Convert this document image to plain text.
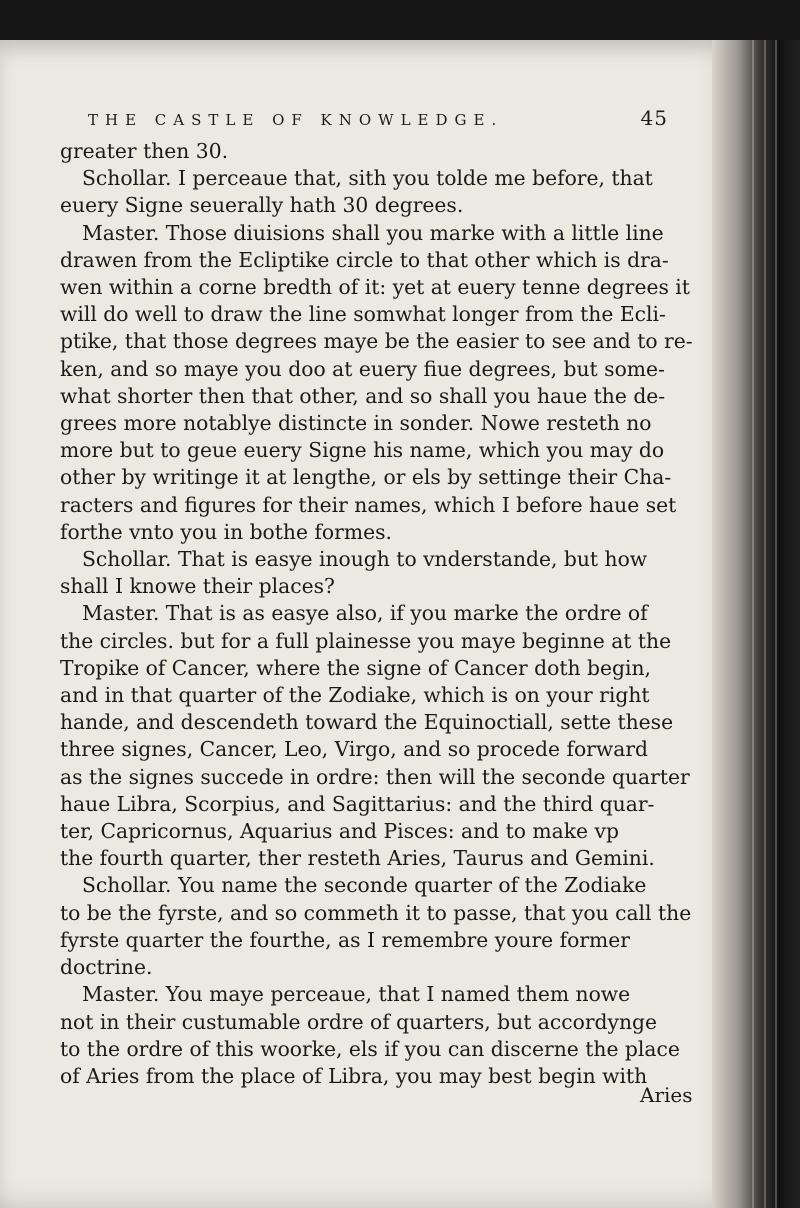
THE CASTLE OF KNOWLEDGE.	45
greater then 30.
Schollar. I perceaue that, sith you tolde me before, that
euery Signe seuerally hath 30 degrees.
Master. Those diuisions shall you marke with a little line
drawen from the Ecliptike circle to that other which is dra-
wen within a corne bredth of it: yet at euery tenne degrees it
will do well to draw the line somwhat longer from the Ecli-
ptike, that those degrees maye be the easier to see and to re-
ken, and so maye you doo at euery fiue degrees, but some-
what shorter then that other, and so shall you haue the de-
grees more notablye distincte in sonder. Nowe resteth no
more but to geue euery Signe his name, which you may do
other by writinge it at lengthe, or els by settinge their Cha-
racters and figures for their names, which I before haue set
forthe vnto you in bothe formes.
Schollar. That is easye inough to vnderstande, but how
shall I knowe their places?
Master. That is as easye also, if you marke the ordre of
the circles. but for a full plainesse you maye beginne at the
Tropike of Cancer, where the signe of Cancer doth begin,
and in that quarter of the Zodiake, which is on your right
hande, and descendeth toward the Equinoctiall, sette these
three signes, Cancer, Leo, Virgo, and so procede forward
as the signes succede in ordre: then will the seconde quarter
haue Libra, Scorpius, and Sagittarius: and the third quar-
ter, Capricornus, Aquarius and Pisces: and to make vp
the fourth quarter, ther resteth Aries, Taurus and Gemini.
Schollar. You name the seconde quarter of the Zodiake
to be the fyrste, and so commeth it to passe, that you call the
fyrste quarter the fourthe, as I remembre youre former
doctrine.
Master. You maye perceaue, that I named them nowe
not in their custumable ordre of quarters, but accordynge
to the ordre of this woorke, els if you can discerne the place
of Aries from the place of Libra, you may best begin with
Aries
